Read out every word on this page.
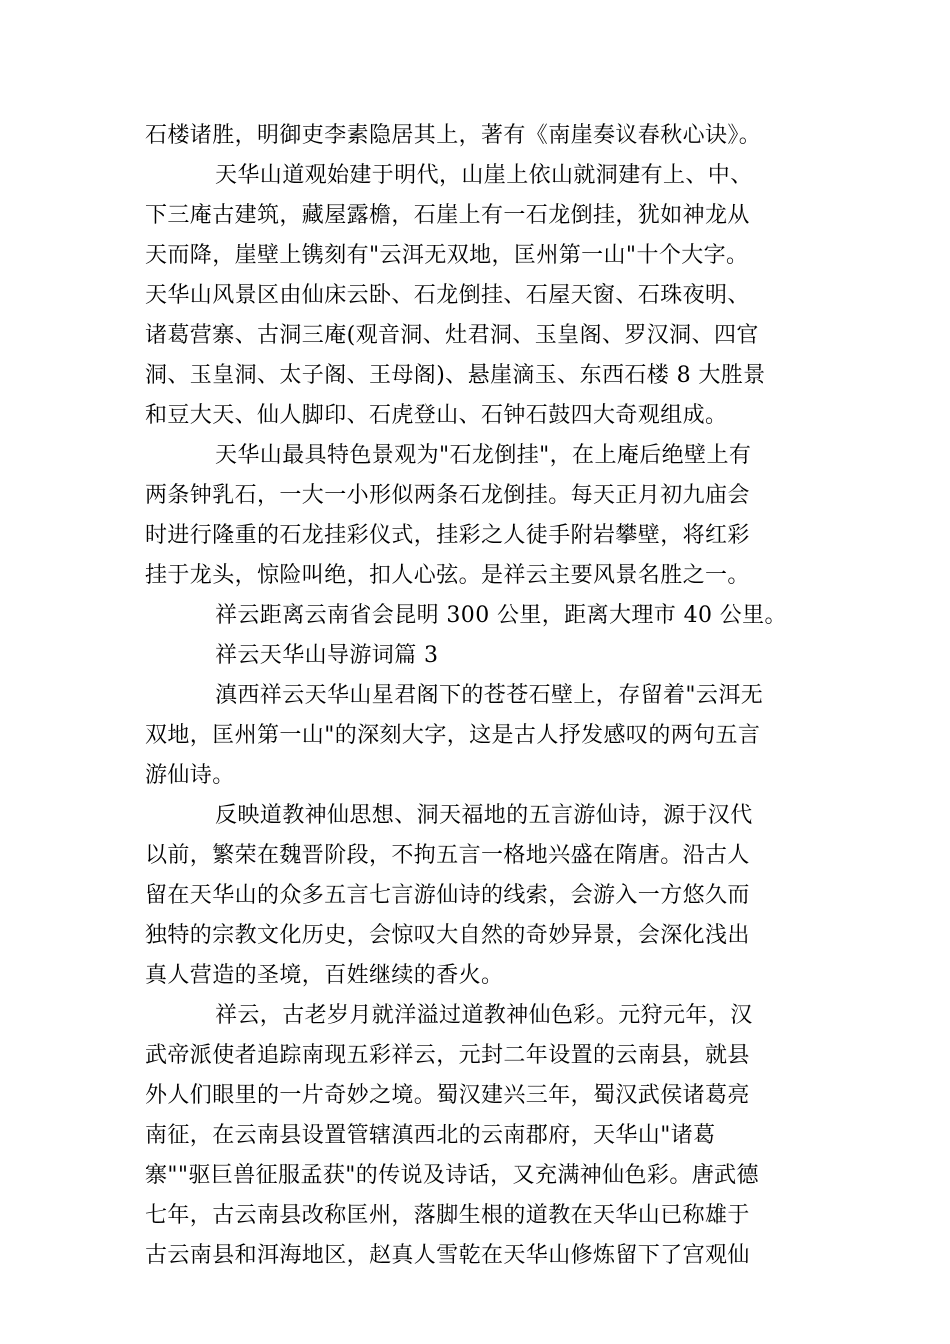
石楼诸胜，明御吏李素隐居其上，著有《南崖奏议春秋心诀》。
天华山道观始建于明代，山崖上依山就洞建有上、中、
下三庵古建筑，藏屋露檐，石崖上有一石龙倒挂，犹如神龙从
天而降，崖壁上镌刻有"云洱无双地，匡州第一山"十个大字。
天华山风景区由仙床云卧、石龙倒挂、石屋天窗、石珠夜明、
诸葛营寨、古洞三庵(观音洞、灶君洞、玉皇阁、罗汉洞、四官
洞、玉皇洞、太子阁、王母阁)、悬崖滴玉、东西石楼 8 大胜景
和豆大天、仙人脚印、石虎登山、石钟石鼓四大奇观组成。
天华山最具特色景观为"石龙倒挂"，在上庵后绝壁上有
两条钟乳石，一大一小形似两条石龙倒挂。每天正月初九庙会
时进行隆重的石龙挂彩仪式，挂彩之人徒手附岩攀壁，将红彩
挂于龙头，惊险叫绝，扣人心弦。是祥云主要风景名胜之一。
祥云距离云南省会昆明 300 公里，距离大理市 40 公里。
祥云天华山导游词篇 3
滇西祥云天华山星君阁下的苍苍石壁上，存留着"云洱无
双地，匡州第一山"的深刻大字，这是古人抒发感叹的两句五言
游仙诗。
反映道教神仙思想、洞天福地的五言游仙诗，源于汉代
以前，繁荣在魏晋阶段，不拘五言一格地兴盛在隋唐。沿古人
留在天华山的众多五言七言游仙诗的线索，会游入一方悠久而
独特的宗教文化历史，会惊叹大自然的奇妙异景，会深化浅出
真人营造的圣境，百姓继续的香火。
祥云，古老岁月就洋溢过道教神仙色彩。元狩元年，汉
武帝派使者追踪南现五彩祥云，元封二年设置的云南县，就县
外人们眼里的一片奇妙之境。蜀汉建兴三年，蜀汉武侯诸葛亮
南征，在云南县设置管辖滇西北的云南郡府，天华山"诸葛
寨""驱巨兽征服孟获"的传说及诗话，又充满神仙色彩。唐武德
七年，古云南县改称匡州，落脚生根的道教在天华山已称雄于
古云南县和洱海地区，赵真人雪乾在天华山修炼留下了宫观仙
